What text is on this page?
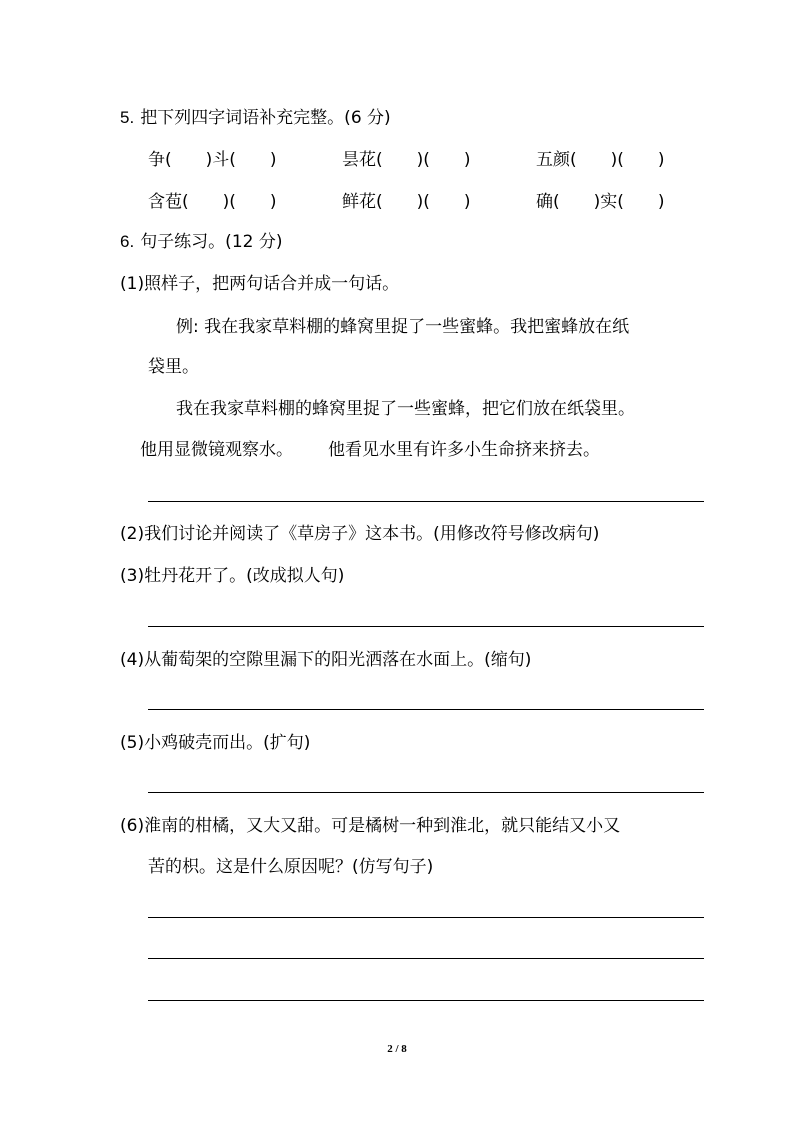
5. 把下列四字词语补充完整。(6 分)
争(　　)斗(　　)	昙花(　　)(　　)	五颜(　　)(　　)
含苞(　　)(　　)	鲜花(　　)(　　)	确(　　)实(　　)
6. 句子练习。(12 分)
(1)照样子，把两句话合并成一句话。
例: 我在我家草料棚的蜂窝里捉了一些蜜蜂。我把蜜蜂放在纸
袋里。
我在我家草料棚的蜂窝里捉了一些蜜蜂，把它们放在纸袋里。
他用显微镜观察水。 他看见水里有许多小生命挤来挤去。
(2)我们讨论并阅读了《草房子》这本书。(用修改符号修改病句)
(3)牡丹花开了。(改成拟人句)
(4)从葡萄架的空隙里漏下的阳光洒落在水面上。(缩句)
(5)小鸡破壳而出。(扩句)
(6)淮南的柑橘，又大又甜。可是橘树一种到淮北，就只能结又小又
苦的枳。这是什么原因呢？(仿写句子)
2 / 8
